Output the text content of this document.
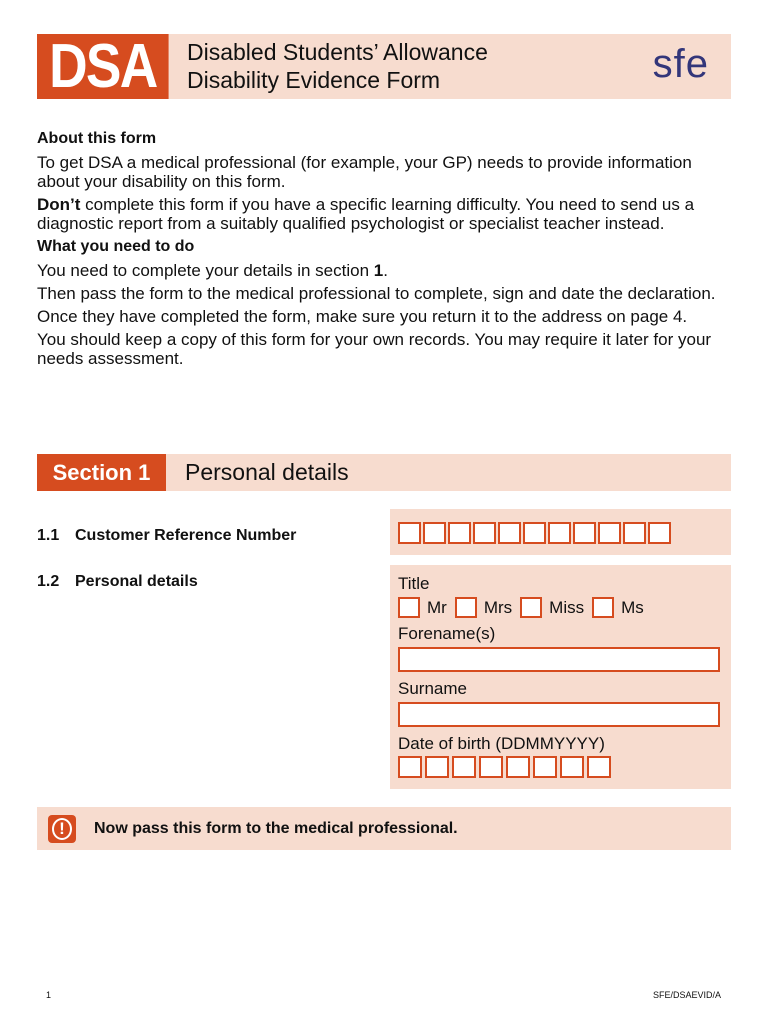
DSA	Disabled Students’ Allowance
Disability Evidence Form	sfe
About this form

To get DSA a medical professional (for example, your GP) needs to provide information about your disability on this form.

Don’t complete this form if you have a specific learning difficulty. You need to send us a diagnostic report from a suitably qualified psychologist or specialist teacher instead.

What you need to do

You need to complete your details in section 1.

Then pass the form to the medical professional to complete, sign and date the declaration.

Once they have completed the form, make sure you return it to the address on page 4.

You should keep a copy of this form for your own records. You may require it later for your needs assessment.

Section 1	Personal details
1.1 Customer Reference Number
1.2 Personal details	Title
Mr Mrs Miss Ms
Forename(s)
Surname
Date of birth (DDMMYYYY)
!	Now pass this form to the medical professional.
1	SFE/DSAEVID/A
